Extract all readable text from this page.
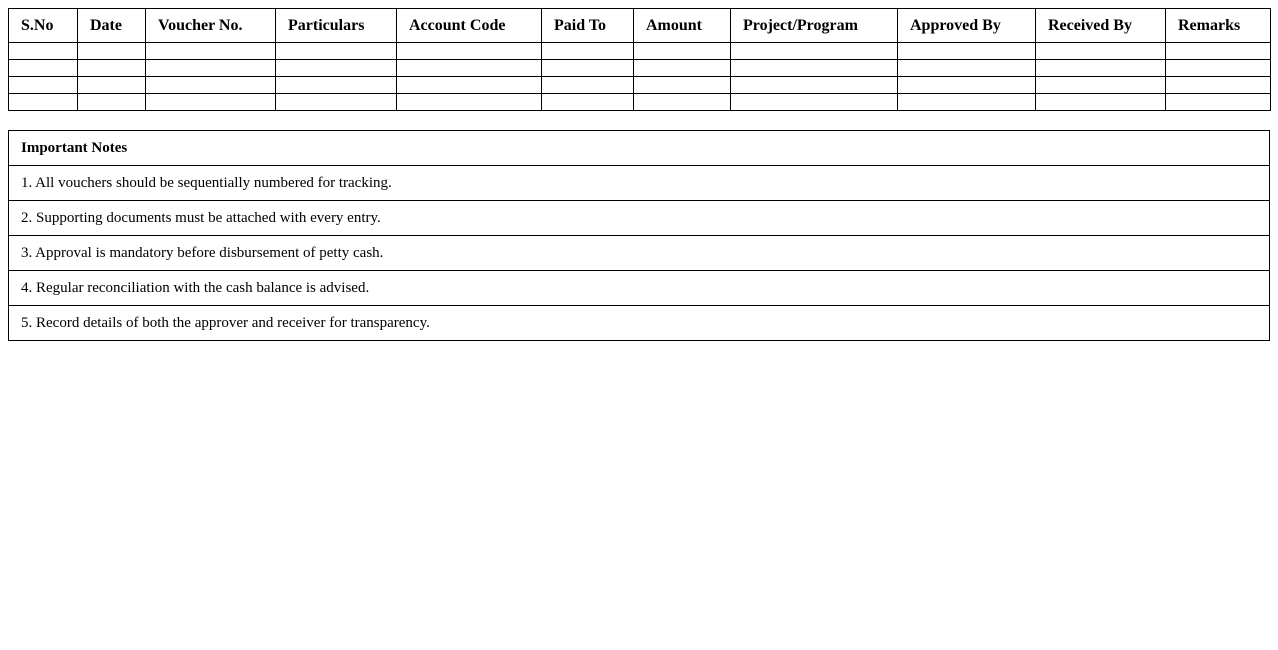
S.No	Date	Voucher No.	Particulars	Account Code	Paid To	Amount	Project/Program	Approved By	Received By	Remarks

Important Notes
1. All vouchers should be sequentially numbered for tracking.
2. Supporting documents must be attached with every entry.
3. Approval is mandatory before disbursement of petty cash.
4. Regular reconciliation with the cash balance is advised.
5. Record details of both the approver and receiver for transparency.
